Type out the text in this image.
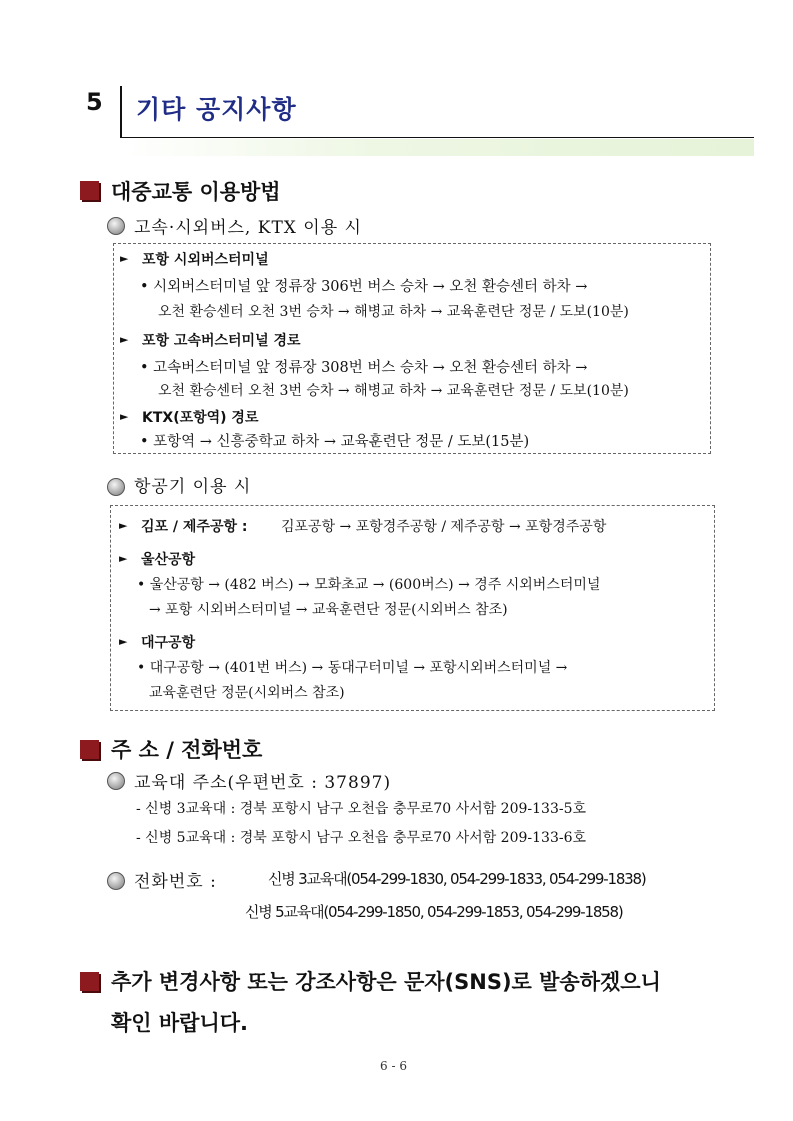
5	기타 공지사항
대중교통 이용방법
고속·시외버스, KTX 이용 시
► 포항 시외버스터미널
• 시외버스터미널 앞 정류장 306번 버스 승차 → 오천 환승센터 하차 →
오천 환승센터 오천 3번 승차 → 해병교 하차 → 교육훈련단 정문 / 도보(10분)
► 포항 고속버스터미널 경로
• 고속버스터미널 앞 정류장 308번 버스 승차 → 오천 환승센터 하차 →
오천 환승센터 오천 3번 승차 → 해병교 하차 → 교육훈련단 정문 / 도보(10분)
► KTX(포항역) 경로
• 포항역 → 신흥중학교 하차 → 교육훈련단 정문 / 도보(15분)
항공기 이용 시
► 김포 / 제주공항 : 김포공항 → 포항경주공항 / 제주공항 → 포항경주공항
► 울산공항
• 울산공항 → (482 버스) → 모화초교 → (600버스) → 경주 시외버스터미널
→ 포항 시외버스터미널 → 교육훈련단 정문(시외버스 참조)
► 대구공항
• 대구공항 → (401번 버스) → 동대구터미널 → 포항시외버스터미널 →
교육훈련단 정문(시외버스 참조)
주 소 / 전화번호
교육대 주소(우편번호 : 37897)
- 신병 3교육대 : 경북 포항시 남구 오천읍 충무로70 사서함 209-133-5호
- 신병 5교육대 : 경북 포항시 남구 오천읍 충무로70 사서함 209-133-6호
전화번호 :	신병 3교육대(054-299-1830, 054-299-1833, 054-299-1838)
신병 5교육대(054-299-1850, 054-299-1853, 054-299-1858)
추가 변경사항 또는 강조사항은 문자(SNS)로 발송하겠으니
확인 바랍니다.
6 - 6
